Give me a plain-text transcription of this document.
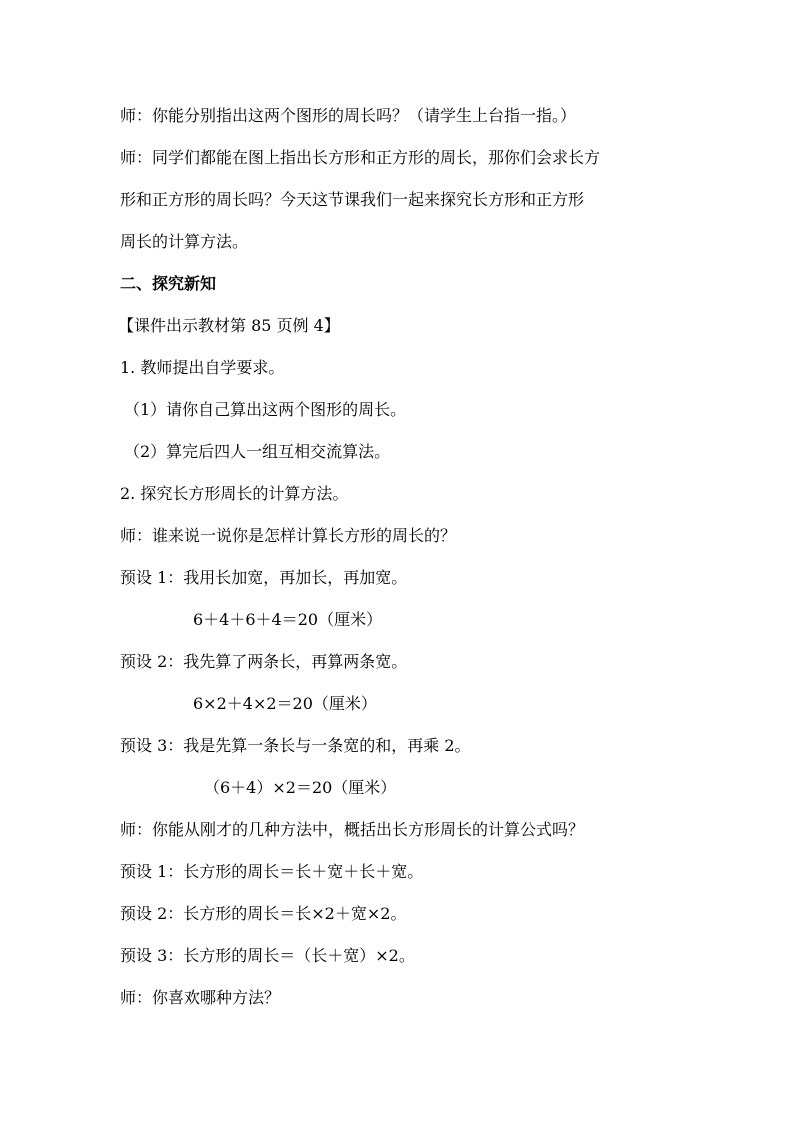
师：你能分别指出这两个图形的周长吗？（请学生上台指一指。）
师：同学们都能在图上指出长方形和正方形的周长，那你们会求长方
形和正方形的周长吗？今天这节课我们一起来探究长方形和正方形
周长的计算方法。
二、探究新知
【课件出示教材第 85 页例 4】
1. 教师提出自学要求。
（1）请你自己算出这两个图形的周长。
（2）算完后四人一组互相交流算法。
2. 探究长方形周长的计算方法。
师：谁来说一说你是怎样计算长方形的周长的？
预设 1：我用长加宽，再加长，再加宽。
6＋4＋6＋4＝20（厘米）
预设 2：我先算了两条长，再算两条宽。
6×2＋4×2＝20（厘米）
预设 3：我是先算一条长与一条宽的和，再乘 2。
（6＋4）×2＝20（厘米）
师：你能从刚才的几种方法中，概括出长方形周长的计算公式吗？
预设 1：长方形的周长＝长＋宽＋长＋宽。
预设 2：长方形的周长＝长×2＋宽×2。
预设 3：长方形的周长＝（长＋宽）×2。
师：你喜欢哪种方法？
